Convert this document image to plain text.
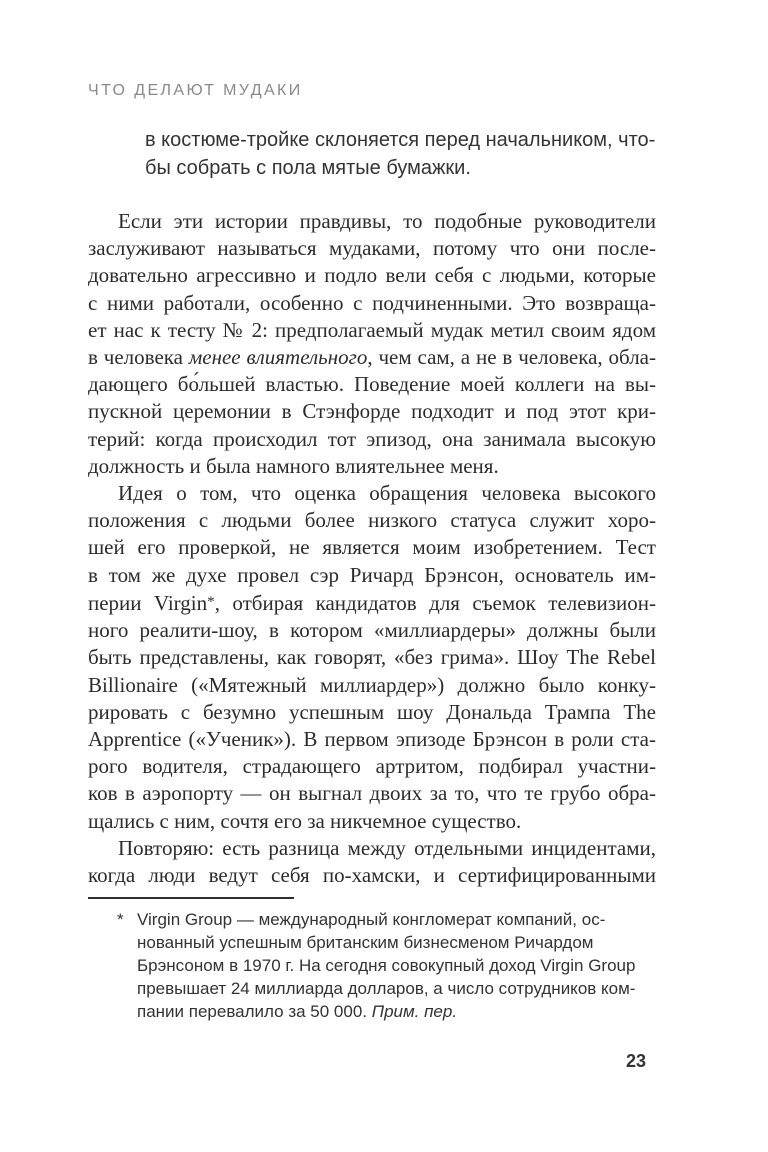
ЧТО ДЕЛАЮТ МУДАКИ
в костюме-тройке склоняется перед начальником, что-
бы собрать с пола мятые бумажки.
Если эти истории правдивы, то подобные руководители
заслуживают называться мудаками, потому что они после-
довательно агрессивно и подло вели себя с людьми, которые
с ними работали, особенно с подчиненными. Это возвраща-
ет нас к тесту № 2: предполагаемый мудак метил своим ядом
в человека менее влиятельного, чем сам, а не в человека, обла-
дающего бо́льшей властью. Поведение моей коллеги на вы-
пускной церемонии в Стэнфорде подходит и под этот кри-
терий: когда происходил тот эпизод, она занимала высокую
должность и была намного влиятельнее меня.
Идея о том, что оценка обращения человека высокого
положения с людьми более низкого статуса служит хоро-
шей его проверкой, не является моим изобретением. Тест
в том же духе провел сэр Ричард Брэнсон, основатель им-
перии Virgin*, отбирая кандидатов для съемок телевизион-
ного реалити-шоу, в котором «миллиардеры» должны были
быть представлены, как говорят, «без грима». Шоу The Rebel
Billionaire («Мятежный миллиардер») должно было конку-
рировать с безумно успешным шоу Дональда Трампа The
Apprentice («Ученик»). В первом эпизоде Брэнсон в роли ста-
рого водителя, страдающего артритом, подбирал участни-
ков в аэропорту — он выгнал двоих за то, что те грубо обра-
щались с ним, сочтя его за никчемное существо.
Повторяю: есть разница между отдельными инцидентами,
когда люди ведут себя по-хамски, и сертифицированными
* Virgin Group — международный конгломерат компаний, ос-
нованный успешным британским бизнесменом Ричардом
Брэнсоном в 1970 г. На сегодня совокупный доход Virgin Group
превышает 24 миллиарда долларов, а число сотрудников ком-
пании перевалило за 50 000. Прим. пер.
23
